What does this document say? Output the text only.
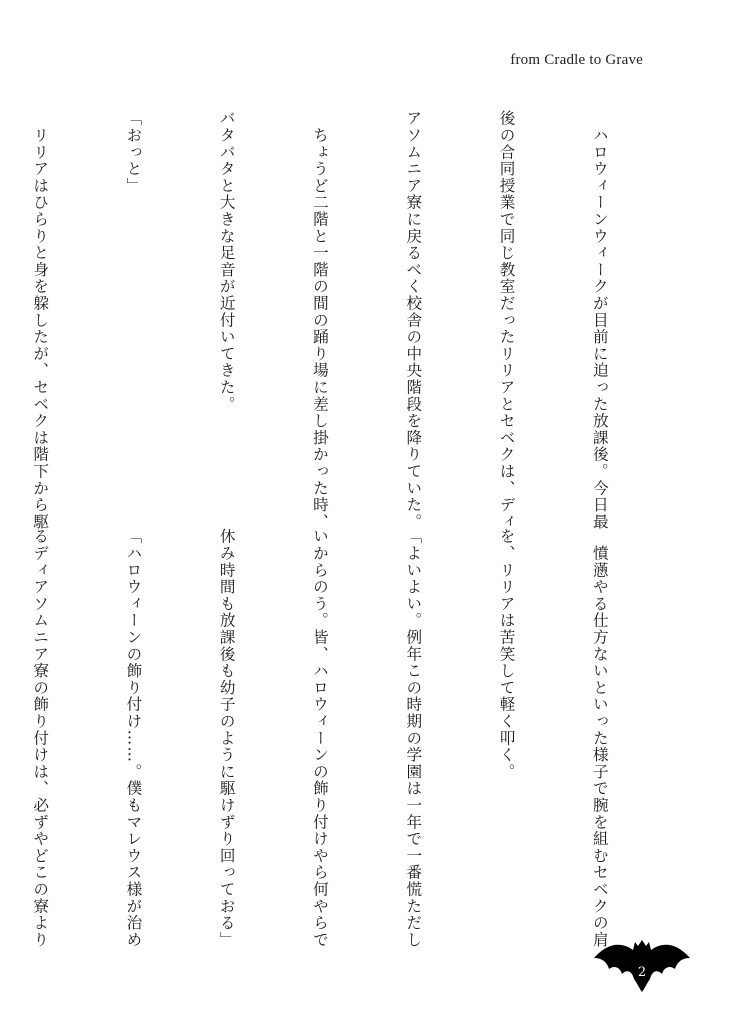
from Cradle to Grave

　ハロウィーンウィークが目前に迫った放課後。今日最

後の合同授業で同じ教室だったリリアとセベクは、ディ

アソムニア寮に戻るべく校舎の中央階段を降りていた。

　ちょうど二階と一階の間の踊り場に差し掛かった時、

バタバタと大きな足音が近付いてきた。

「おっと」

　リリアはひらりと身を躱したが、セベクは階下から駆

　憤懣やる仕方ないといった様子で腕を組むセベクの肩

を、リリアは苦笑して軽く叩く。

「よいよい。例年この時期の学園は一年で一番慌ただし

いからのう。皆、ハロウィーンの飾り付けやら何やらで

休み時間も放課後も幼子のように駆けずり回っておる」

「ハロウィーンの飾り付け……。僕もマレウス様が治め

るディアソムニア寮の飾り付けは、必ずやどこの寮より

2
